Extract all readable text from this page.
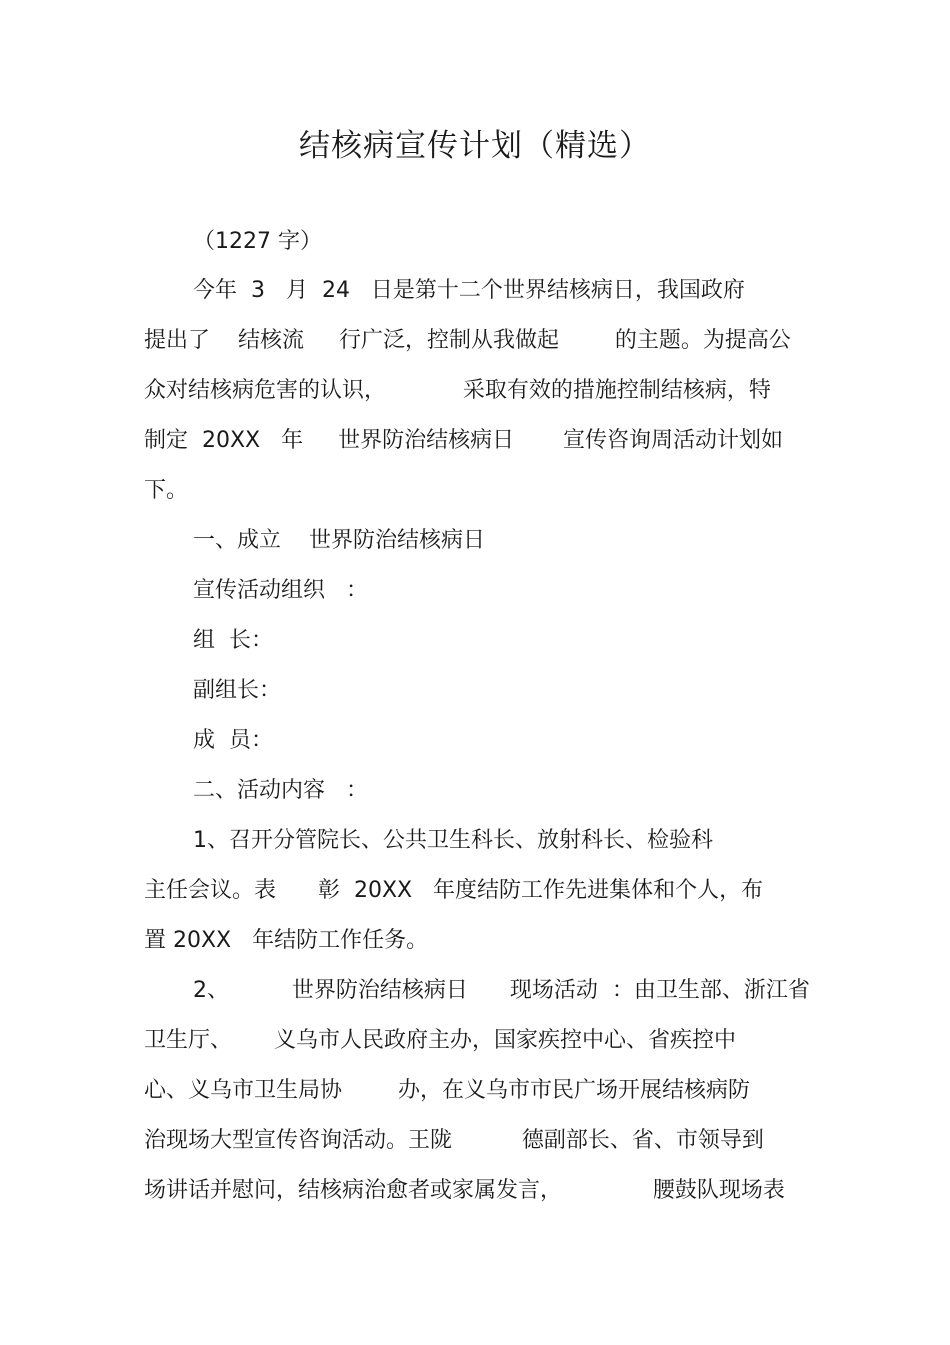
结核病宣传计划（精选）
（1227 字）
今年  3   月  24   日是第十二个世界结核病日，我国政府
提出了    结核流     行广泛，控制从我做起        的主题。为提高公
众对结核病危害的认识，           采取有效的措施控制结核病，特
制定  20XX   年     世界防治结核病日       宣传咨询周活动计划如
下。
一、成立    世界防治结核病日
宣传活动组织   ：
组  长：
副组长：
成  员：
二、活动内容   ：
1、召开分管院长、公共卫生科长、放射科长、检验科
主任会议。表      彰  20XX   年度结防工作先进集体和个人，布
置 20XX   年结防工作任务。
2、         世界防治结核病日      现场活动  ：由卫生部、浙江省
卫生厅、      义乌市人民政府主办，国家疾控中心、省疾控中
心、义乌市卫生局协        办，在义乌市市民广场开展结核病防
治现场大型宣传咨询活动。王陇          德副部长、省、市领导到
场讲话并慰问，结核病治愈者或家属发言，             腰鼓队现场表
